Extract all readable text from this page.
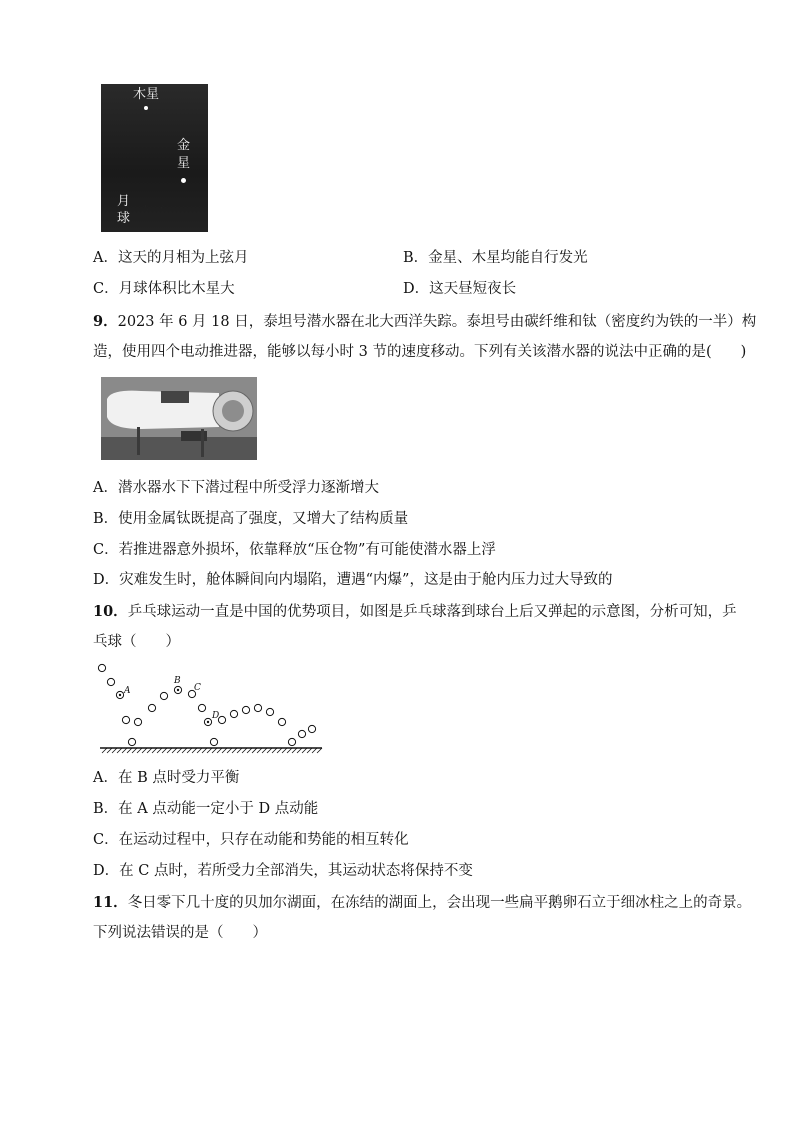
木星
金
星
月
球
A．这天的月相为上弦月	B．金星、木星均能自行发光
C．月球体积比木星大	D．这天昼短夜长
9．2023 年 6 月 18 日，泰坦号潜水器在北大西洋失踪。泰坦号由碳纤维和钛（密度约为铁的一半）构
造，使用四个电动推进器，能够以每小时 3 节的速度移动。下列有关该潜水器的说法中正确的是(　　)
A．潜水器水下下潜过程中所受浮力逐渐增大
B．使用金属钛既提高了强度，又增大了结构质量
C．若推进器意外损坏，依靠释放“压仓物”有可能使潜水器上浮
D．灾难发生时，舱体瞬间向内塌陷，遭遇“内爆”，这是由于舱内压力过大导致的
10．乒乓球运动一直是中国的优势项目，如图是乒乓球落到球台上后又弹起的示意图，分析可知，乒
乓球（　　）
A
B
C
D
A．在 B 点时受力平衡
B．在 A 点动能一定小于 D 点动能
C．在运动过程中，只存在动能和势能的相互转化
D．在 C 点时，若所受力全部消失，其运动状态将保持不变
11．冬日零下几十度的贝加尔湖面，在冻结的湖面上，会出现一些扁平鹅卵石立于细冰柱之上的奇景。
下列说法错误的是（　　）
